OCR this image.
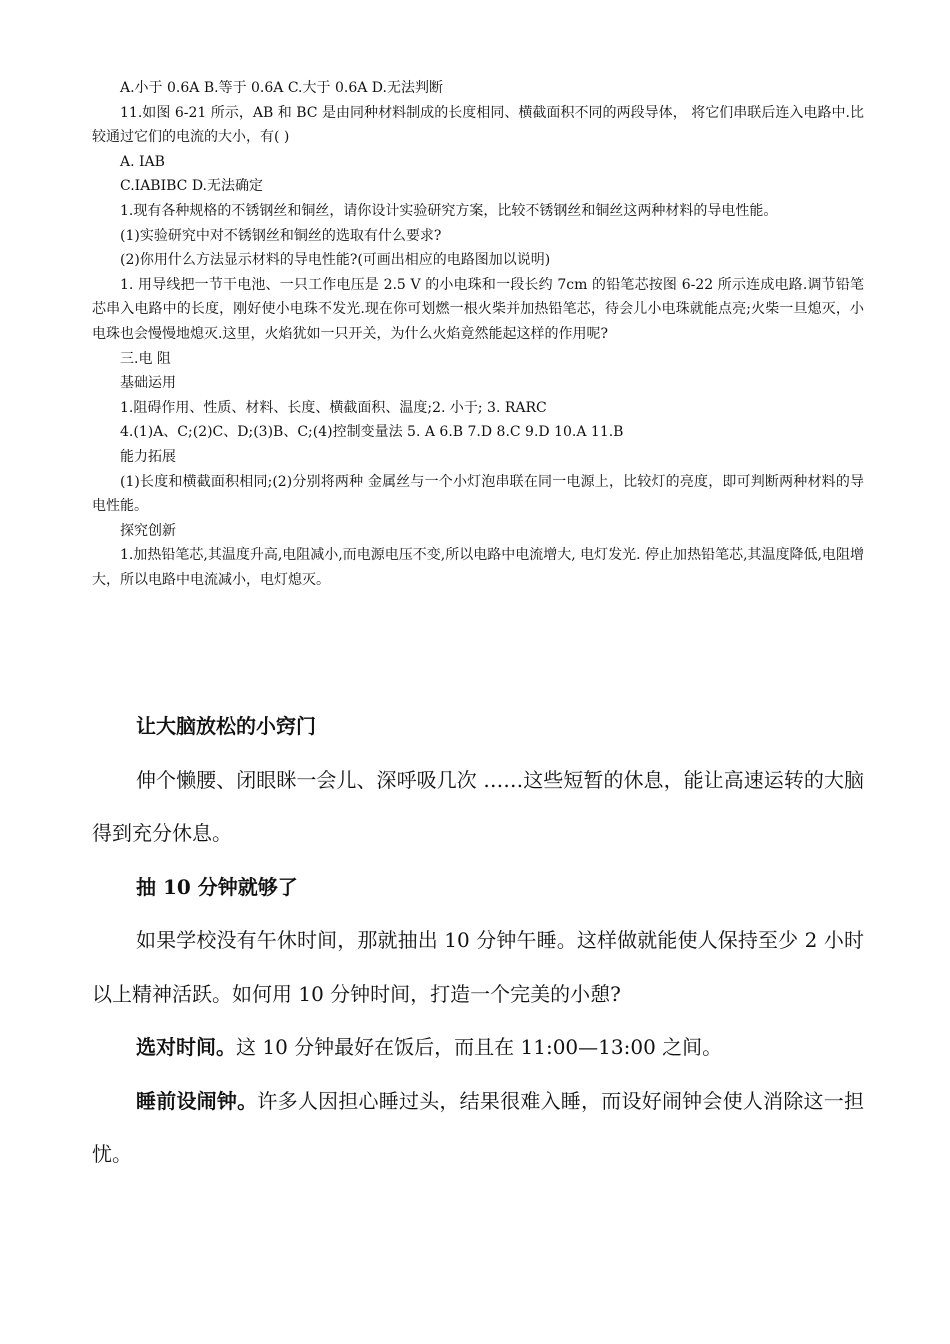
A.小于 0.6A B.等于 0.6A C.大于 0.6A D.无法判断

11.如图 6-21 所示，AB 和 BC 是由同种材料制成的长度相同、横截面积不同的两段导体， 将它们串联后连入电路中.比较通过它们的电流的大小，有( )

A. IAB

C.IABIBC D.无法确定

1.现有各种规格的不锈钢丝和铜丝，请你设计实验研究方案，比较不锈钢丝和铜丝这两种材料的导电性能。

(1)实验研究中对不锈钢丝和铜丝的选取有什么要求?

(2)你用什么方法显示材料的导电性能?(可画出相应的电路图加以说明)

1. 用导线把一节干电池、一只工作电压是 2.5 V 的小电珠和一段长约 7cm 的铅笔芯按图 6-22 所示连成电路.调节铅笔芯串入电路中的长度，刚好使小电珠不发光.现在你可划燃一根火柴并加热铅笔芯，待会儿小电珠就能点亮;火柴一旦熄灭，小电珠也会慢慢地熄灭.这里，火焰犹如一只开关，为什么火焰竟然能起这样的作用呢?

三.电 阻

基础运用

1.阻碍作用、性质、材料、长度、横截面积、温度;2. 小于; 3. RARC

4.(1)A、C;(2)C、D;(3)B、C;(4)控制变量法 5. A 6.B 7.D 8.C 9.D 10.A 11.B

能力拓展

(1)长度和横截面积相同;(2)分别将两种 金属丝与一个小灯泡串联在同一电源上，比较灯的亮度，即可判断两种材料的导电性能。

探究创新

1.加热铅笔芯,其温度升高,电阻减小,而电源电压不变,所以电路中电流增大, 电灯发光. 停止加热铅笔芯,其温度降低,电阻增大，所以电路中电流减小，电灯熄灭。

让大脑放松的小窍门

伸个懒腰、闭眼眯一会儿、深呼吸几次 ……这些短暂的休息，能让高速运转的大脑得到充分休息。

抽 10 分钟就够了

如果学校没有午休时间，那就抽出 10 分钟午睡。这样做就能使人保持至少 2 小时以上精神活跃。如何用 10 分钟时间，打造一个完美的小憩?

选对时间。这 10 分钟最好在饭后，而且在 11:00—13:00 之间。

睡前设闹钟。许多人因担心睡过头，结果很难入睡，而设好闹钟会使人消除这一担忧。
